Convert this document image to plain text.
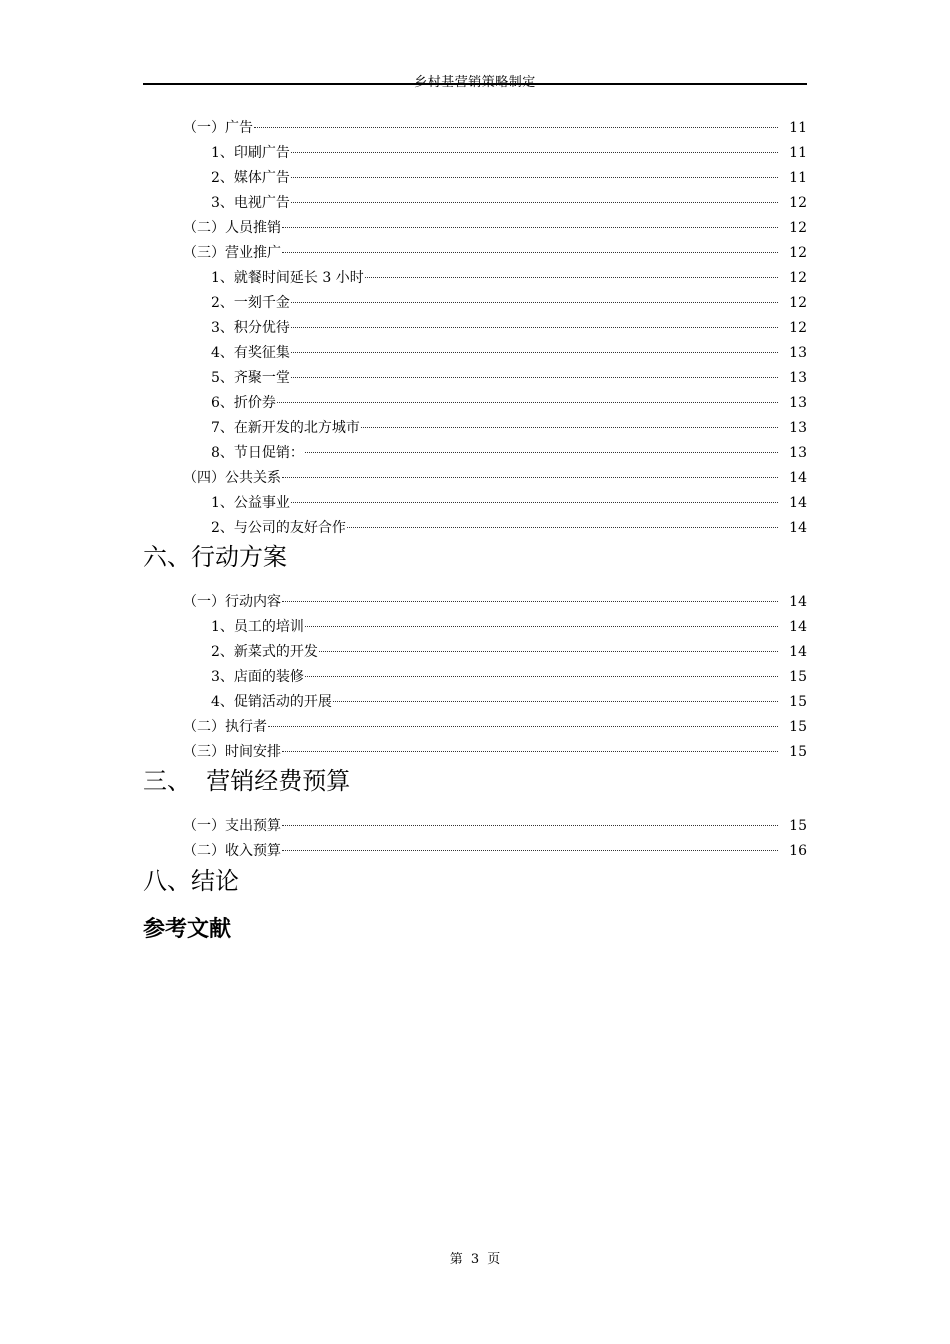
（一）广告	11
1、印刷广告	11
2、媒体广告	11
3、电视广告	12
（二）人员推销	12
（三）营业推广	12
1、就餐时间延长 3 小时	12
2、一刻千金	12
3、积分优待	12
4、有奖征集	13
5、齐聚一堂	13
6、折价券	13
7、在新开发的北方城市	13
8、节日促销：	13
（四）公共关系	14
1、公益事业	14
2、与公司的友好合作	14
六、行动方案
（一）行动内容	14
1、员工的培训	14
2、新菜式的开发	14
3、店面的装修	15
4、促销活动的开展	15
（二）执行者	15
（三）时间安排	15
三、  营销经费预算
（一）支出预算	15
（二）收入预算	16
八、结论
参考文献
第 3 页
